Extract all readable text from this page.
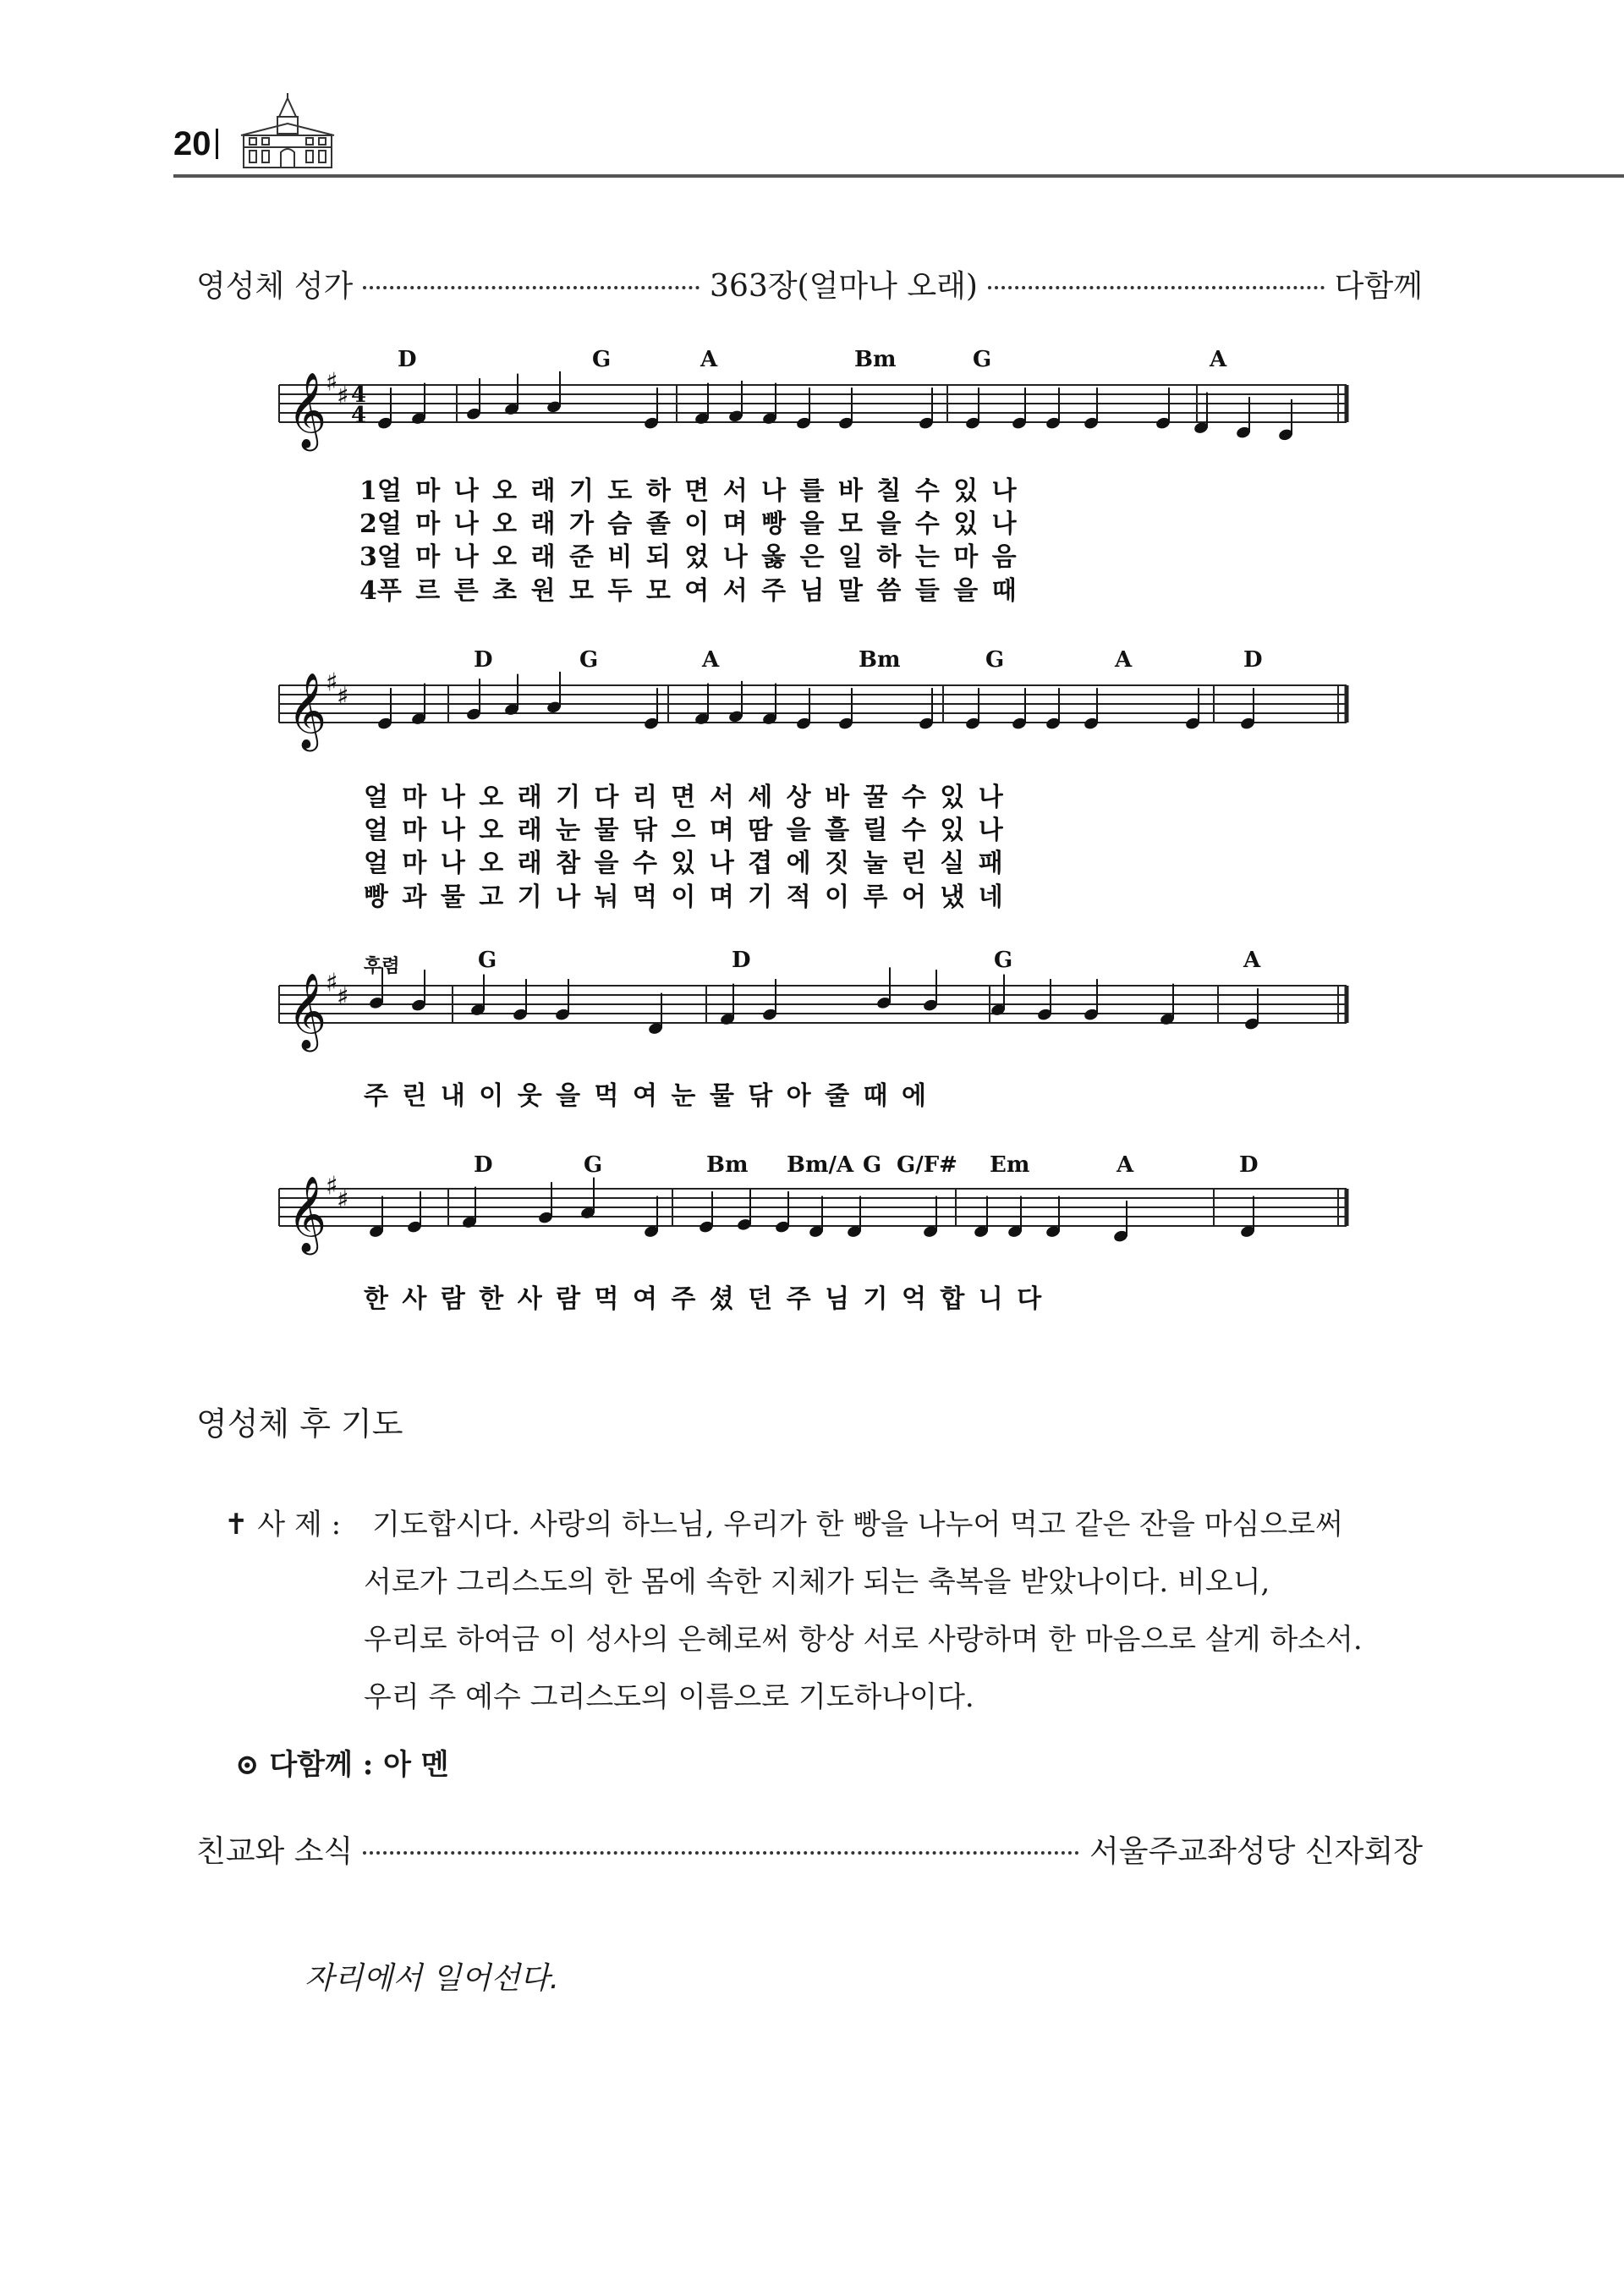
20
영성체 성가	363장(얼마나 오래)	다함께
𝄞
♯
♯ 4
4
𝄞
♯
♯
𝄞
♯
♯
𝄞
♯
♯
D	G	A	Bm	G	A
1얼 마 나 오 래 기 도 하 면 서 나 를 바 칠 수 있 나
2얼 마 나 오 래 가 슴 졸 이 며 빵 을 모 을 수 있 나
3얼 마 나 오 래 준 비 되 었 나 옳 은 일 하 는 마 음
4푸 르 른 초 원 모 두 모 여 서 주 님 말 씀 들 을 때
D	G	A	Bm	G	A	D
얼 마 나 오 래 기 다 리 면 서 세 상 바 꿀 수 있 나
얼 마 나 오 래 눈 물 닦 으 며 땀 을 흘 릴 수 있 나
얼 마 나 오 래 참 을 수 있 나 겹 에 짓 눌 린 실 패
빵 과 물 고 기 나 눠 먹 이 며 기 적 이 루 어 냈 네
G	D	G	A
주 린 내 이 웃 을 먹 여 눈 물 닦 아 줄 때 에
후렴
D	G	Bm Bm/A G G/F# Em	A	D
한 사 람 한 사 람 먹 여 주 셨 던 주 님 기 억 합 니 다
영성체 후 기도
✝ 사 제 : 기도합시다. 사랑의 하느님, 우리가 한 빵을 나누어 먹고 같은 잔을 마심으로써
서로가 그리스도의 한 몸에 속한 지체가 되는 축복을 받았나이다. 비오니,
우리로 하여금 이 성사의 은혜로써 항상 서로 사랑하며 한 마음으로 살게 하소서.
우리 주 예수 그리스도의 이름으로 기도하나이다.
⊙ 다함께 : 아 멘
친교와 소식	서울주교좌성당 신자회장
자리에서 일어선다.
